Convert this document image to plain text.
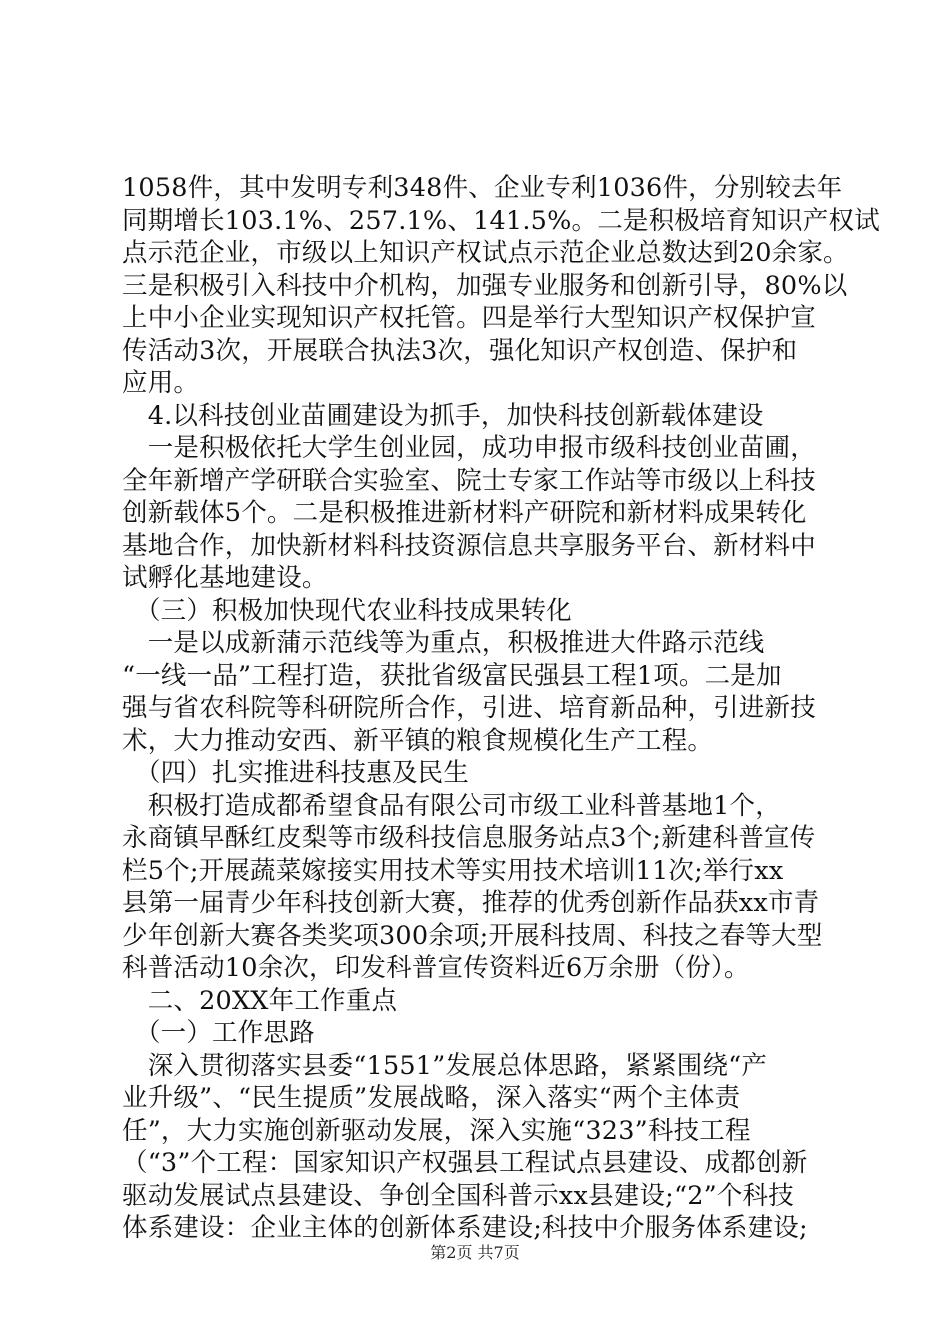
1058件，其中发明专利348件、企业专利1036件，分别较去年
同期增长103.1%、257.1%、141.5%。二是积极培育知识产权试
点示范企业，市级以上知识产权试点示范企业总数达到20余家。
三是积极引入科技中介机构，加强专业服务和创新引导，80%以
上中小企业实现知识产权托管。四是举行大型知识产权保护宣
传活动3次，开展联合执法3次，强化知识产权创造、保护和
应用。
　4.以科技创业苗圃建设为抓手，加快科技创新载体建设
　一是积极依托大学生创业园，成功申报市级科技创业苗圃，
全年新增产学研联合实验室、院士专家工作站等市级以上科技
创新载体5个。二是积极推进新材料产研院和新材料成果转化
基地合作，加快新材料科技资源信息共享服务平台、新材料中
试孵化基地建设。
　（三）积极加快现代农业科技成果转化
　一是以成新蒲示范线等为重点，积极推进大件路示范线
“一线一品”工程打造，获批省级富民强县工程1项。二是加
强与省农科院等科研院所合作，引进、培育新品种，引进新技
术，大力推动安西、新平镇的粮食规模化生产工程。
　（四）扎实推进科技惠及民生
　积极打造成都希望食品有限公司市级工业科普基地1个，
永商镇早酥红皮梨等市级科技信息服务站点3个;新建科普宣传
栏5个;开展蔬菜嫁接实用技术等实用技术培训11次;举行xx
县第一届青少年科技创新大赛，推荐的优秀创新作品获xx市青
少年创新大赛各类奖项300余项;开展科技周、科技之春等大型
科普活动10余次，印发科普宣传资料近6万余册（份）。
　二、20XX年工作重点
　（一）工作思路
　深入贯彻落实县委“1551”发展总体思路，紧紧围绕“产
业升级”、“民生提质”发展战略，深入落实“两个主体责
任”，大力实施创新驱动发展，深入实施“323”科技工程
（“3”个工程：国家知识产权强县工程试点县建设、成都创新
驱动发展试点县建设、争创全国科普示xx县建设;“2”个科技
体系建设：企业主体的创新体系建设;科技中介服务体系建设;
第2页 共7页
